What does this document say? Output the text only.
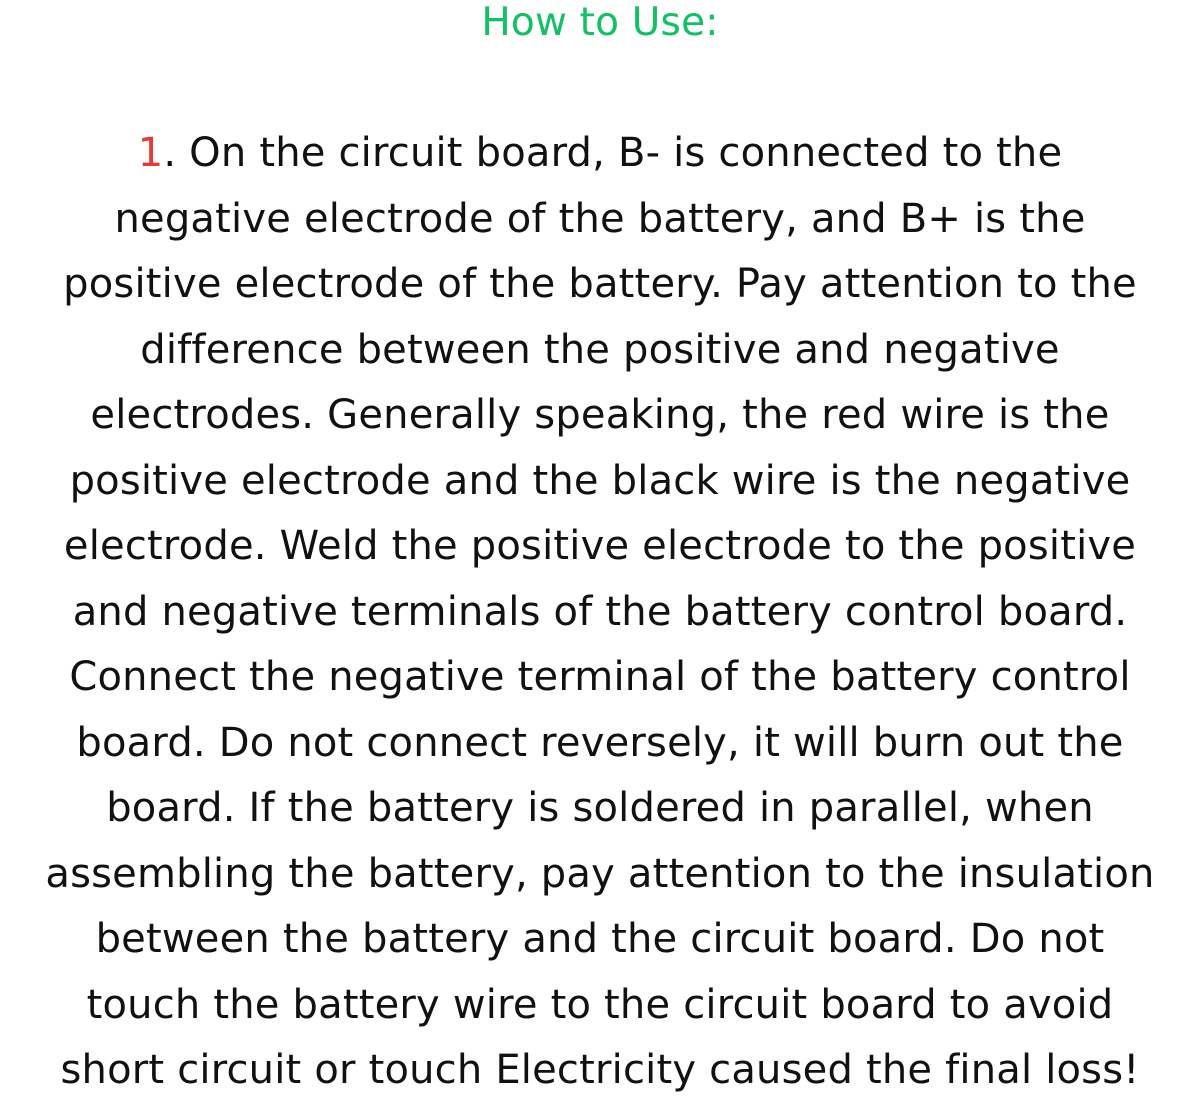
How to Use:
1. On the circuit board, B- is connected to the
negative electrode of the battery, and B+ is the
positive electrode of the battery. Pay attention to the
difference between the positive and negative
electrodes. Generally speaking, the red wire is the
positive electrode and the black wire is the negative
electrode. Weld the positive electrode to the positive
and negative terminals of the battery control board.
Connect the negative terminal of the battery control
board. Do not connect reversely, it will burn out the
board. If the battery is soldered in parallel, when
assembling the battery, pay attention to the insulation
between the battery and the circuit board. Do not
touch the battery wire to the circuit board to avoid
short circuit or touch Electricity caused the final loss!
